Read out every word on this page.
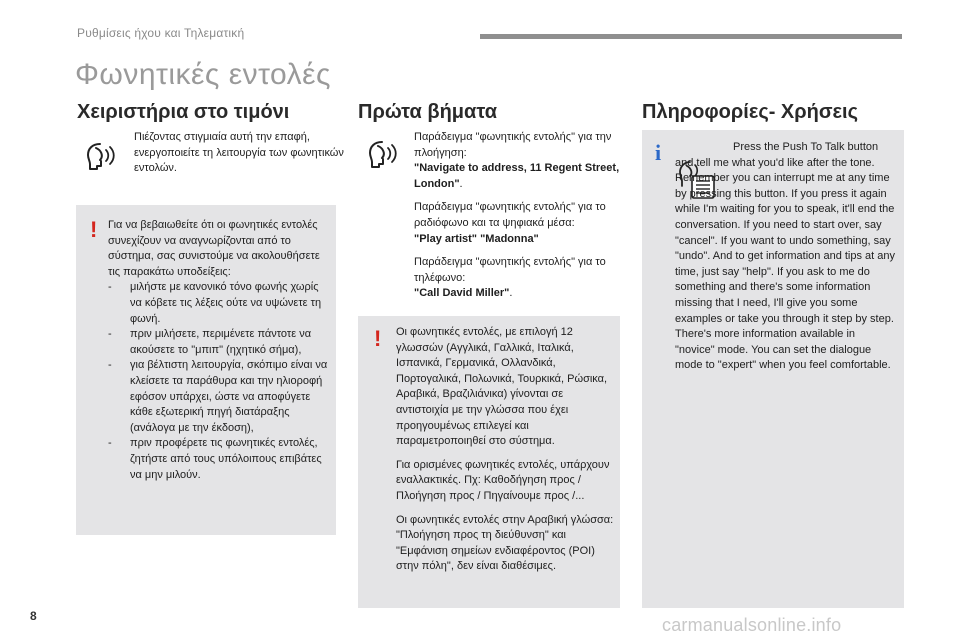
Ρυθμίσεις ήχου και Τηλεματική
Φωνητικές εντολές
Χειριστήρια στο τιμόνι
Πιέζοντας στιγμιαία αυτή την επαφή, ενεργοποιείτε τη λειτουργία των φωνητικών εντολών.
! Για να βεβαιωθείτε ότι οι φωνητικές εντολές συνεχίζουν να αναγνωρίζονται από το σύστημα, σας συνιστούμε να ακολουθήσετε τις παρακάτω υποδείξεις:
-	μιλήστε με κανονικό τόνο φωνής χωρίς να κόβετε τις λέξεις ούτε να υψώνετε τη φωνή.
-	πριν μιλήσετε, περιμένετε πάντοτε να ακούσετε το "μπιπ" (ηχητικό σήμα),
-	για βέλτιστη λειτουργία, σκόπιμο είναι να κλείσετε τα παράθυρα και την ηλιοροφή εφόσον υπάρχει, ώστε να αποφύγετε κάθε εξωτερική πηγή διατάραξης (ανάλογα με την έκδοση),
-	πριν προφέρετε τις φωνητικές εντολές, ζητήστε από τους υπόλοιπους επιβάτες να μην μιλούν.
Πρώτα βήματα
Παράδειγμα "φωνητικής εντολής" για την πλοήγηση:
"Navigate to address, 11 Regent Street, London".
Παράδειγμα "φωνητικής εντολής" για το ραδιόφωνο και τα ψηφιακά μέσα:
"Play artist" "Madonna"
Παράδειγμα "φωνητικής εντολής" για το τηλέφωνο:
"Call David Miller".
! Οι φωνητικές εντολές, με επιλογή 12 γλωσσών (Αγγλικά, Γαλλικά, Ιταλικά, Ισπανικά, Γερμανικά, Ολλανδικά, Πορτογαλικά, Πολωνικά, Τουρκικά, Ρώσικα, Αραβικά, Βραζιλιάνικα) γίνονται σε αντιστοιχία με την γλώσσα που έχει προηγουμένως επιλεγεί και παραμετροποιηθεί στο σύστημα.
Για ορισμένες φωνητικές εντολές, υπάρχουν εναλλακτικές. Πχ: Καθοδήγηση προς / Πλοήγηση προς / Πηγαίνουμε προς /...
Οι φωνητικές εντολές στην Αραβική γλώσσα: "Πλοήγηση προς τη διεύθυνση" και "Εμφάνιση σημείων ενδιαφέροντος (POI) στην πόλη", δεν είναι διαθέσιμες.
Πληροφορίες- Χρήσεις
i	Press the Push To Talk button and tell me what you'd like after the tone. Remember you can interrupt me at any time by pressing this button. If you press it again while I'm waiting for you to speak, it'll end the conversation. If you need to start over, say "cancel". If you want to undo something, say "undo". And to get information and tips at any time, just say "help". If you ask to me do something and there's some information missing that I need, I'll give you some examples or take you through it step by step. There's more information available in "novice" mode. You can set the dialogue mode to "expert" when you feel comfortable.
8	carmanualsonline.info
